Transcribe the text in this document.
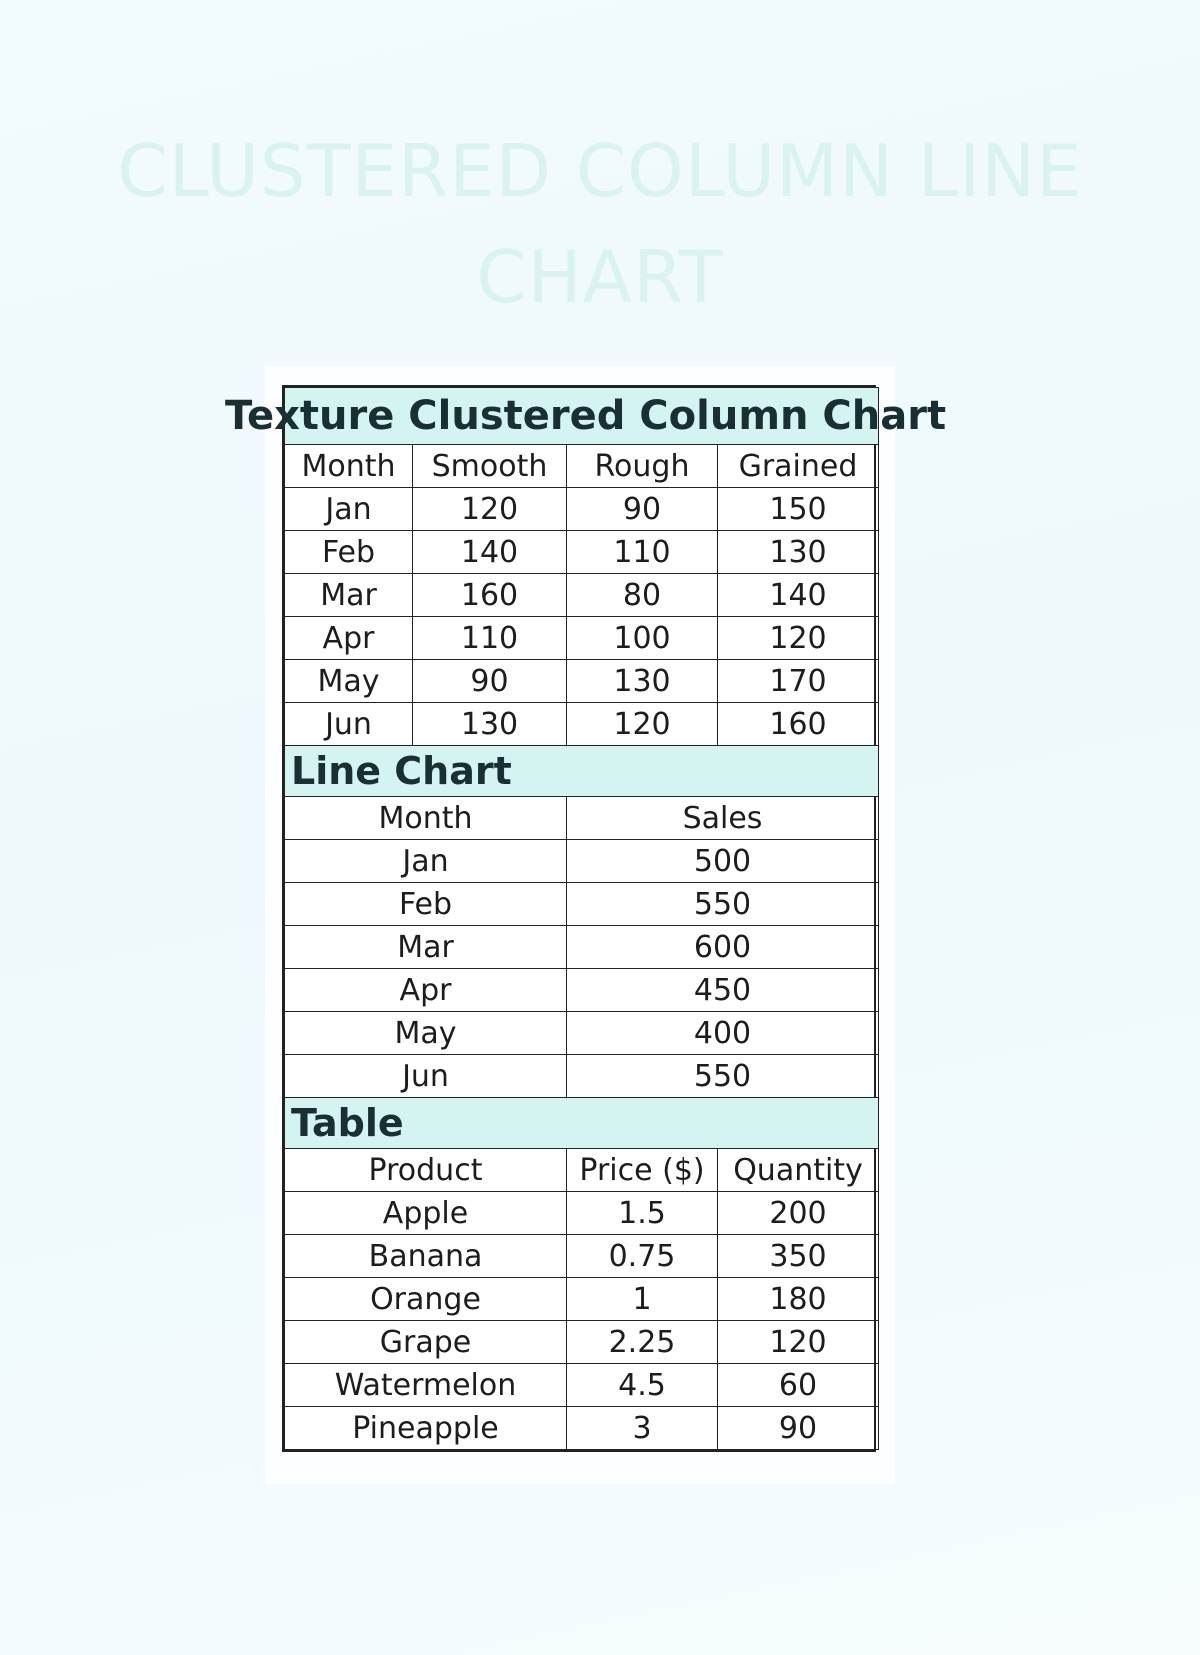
CLUSTERED COLUMN LINE
CHART
Texture Clustered Column Chart			

Month	Smooth	Rough	Grained
Jan	120	90	150
Feb	140	110	130
Mar	160	80	140
Apr	110	100	120
May	90	130	170
Jun	130	120	160
Line Chart			
Month		Sales	
Jan		500	
Feb		550	
Mar		600	
Apr		450	
May		400	
Jun		550	
Table			
Product		Price ($)	Quantity
Apple		1.5	200
Banana		0.75	350
Orange		1	180
Grape		2.25	120
Watermelon		4.5	60
Pineapple		3	90
